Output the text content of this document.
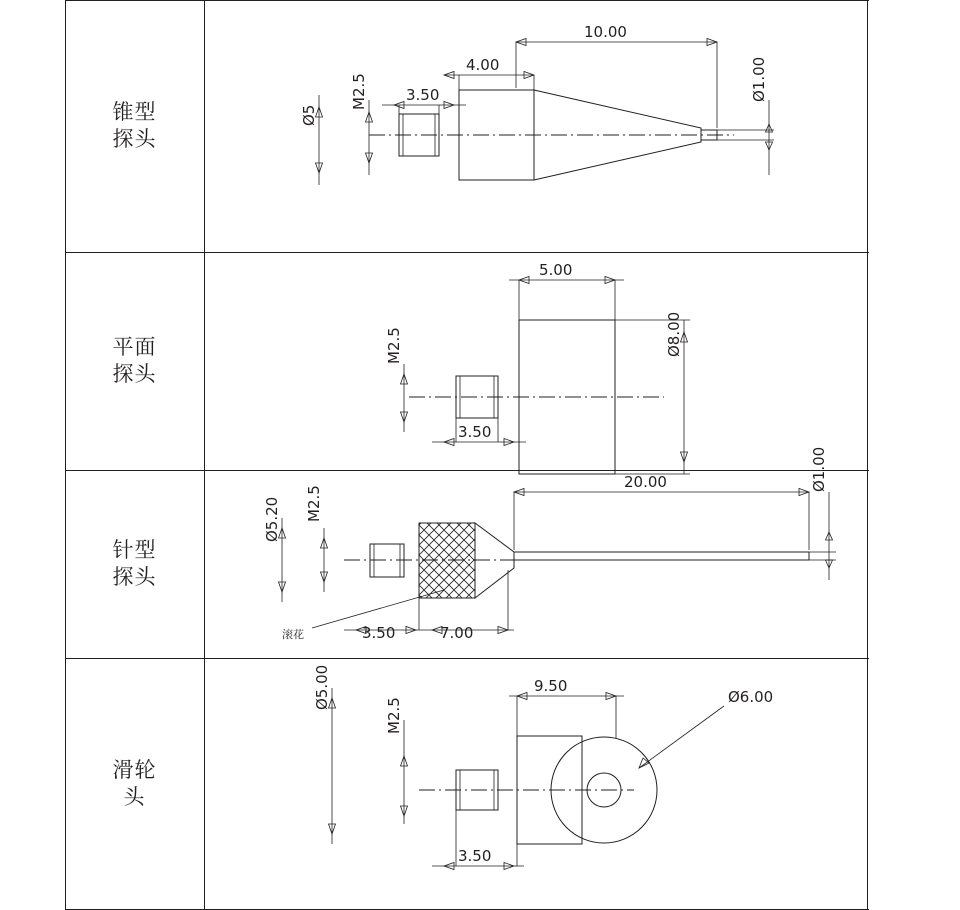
锥型
探头
10.00
4.00
3.50
M2.5
Ø5
Ø1.00
平面
探头
5.00
M2.5
3.50
Ø8.00
针型
探头
20.00	Ø1.00
M2.5
Ø5.20
滚花	3.50	7.00
滑轮
头
9.50
Ø6.00
Ø5.00
M2.5
3.50
